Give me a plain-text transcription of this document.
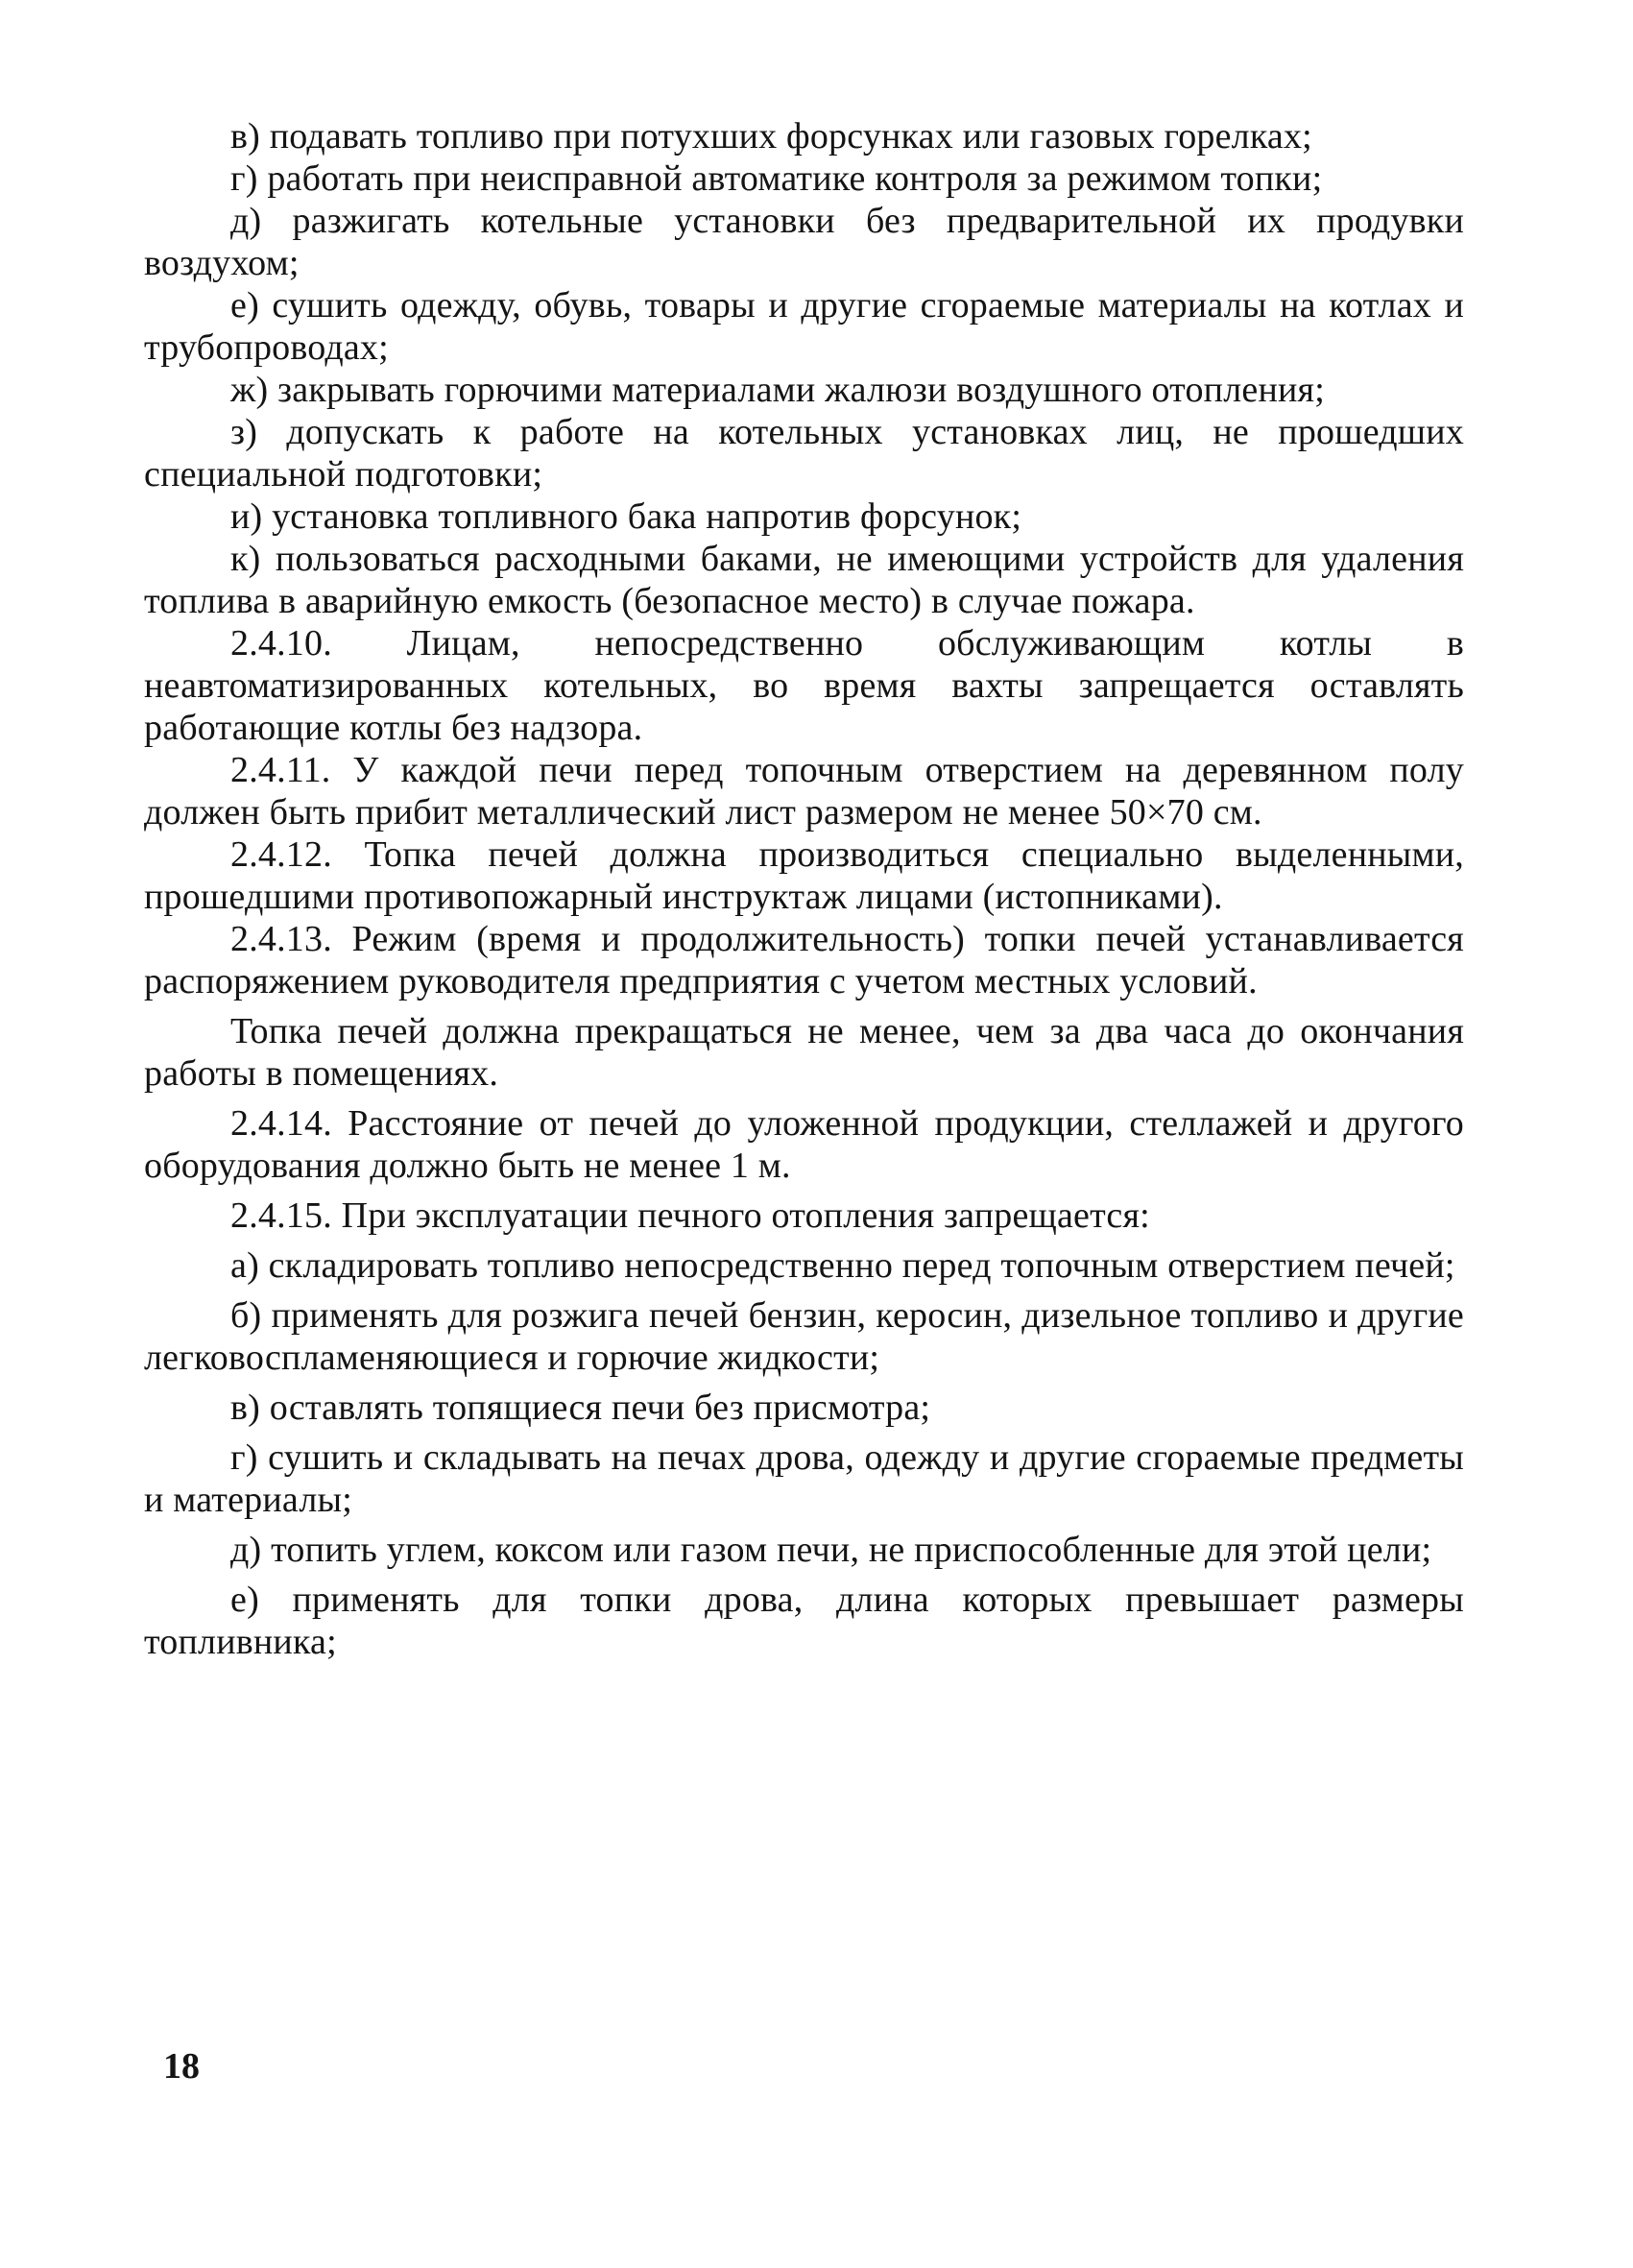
в) подавать топливо при потухших форсунках или газовых горелках;

г) работать при неисправной автоматике контроля за режимом топки;

д) разжигать котельные установки без предварительной их продувки воздухом;

е) сушить одежду, обувь, товары и другие сгораемые материалы на котлах и трубопроводах;

ж) закрывать горючими материалами жалюзи воздушного отопления;

з) допускать к работе на котельных установках лиц, не прошедших специальной подготовки;

и) установка топливного бака напротив форсунок;

к) пользоваться расходными баками, не имеющими устройств для удаления топлива в аварийную емкость (безопасное место) в случае пожара.

2.4.10. Лицам, непосредственно обслуживающим котлы в неавтоматизированных котельных, во время вахты запрещается оставлять работающие котлы без надзора.

2.4.11. У каждой печи перед топочным отверстием на деревянном полу должен быть прибит металлический лист размером не менее 50×70 см.

2.4.12. Топка печей должна производиться специально выделенными, прошедшими противопожарный инструктаж лицами (истопниками).

2.4.13. Режим (время и продолжительность) топки печей устанавливается распоряжением руководителя предприятия с учетом местных условий.

Топка печей должна прекращаться не менее, чем за два часа до окончания работы в помещениях.

2.4.14. Расстояние от печей до уложенной продукции, стеллажей и другого оборудования должно быть не менее 1 м.

2.4.15. При эксплуатации печного отопления запрещается:

а) складировать топливо непосредственно перед топочным отверстием печей;

б) применять для розжига печей бензин, керосин, дизельное топливо и другие легковоспламеняющиеся и горючие жидкости;

в) оставлять топящиеся печи без присмотра;

г) сушить и складывать на печах дрова, одежду и другие сгораемые предметы и материалы;

д) топить углем, коксом или газом печи, не приспособленные для этой цели;

е) применять для топки дрова, длина которых превышает размеры топливника;

18
